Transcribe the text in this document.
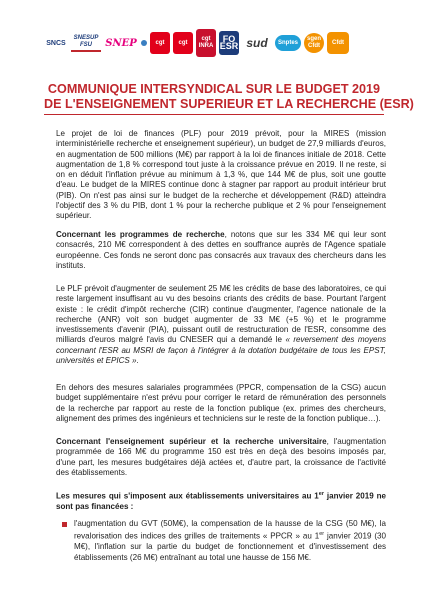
SNCS
SNESUP FSU	SNEP	cgt	cgt
cgt INRA
FO ESR sud	Snptes
sgen Cfdt
Cfdt
COMMUNIQUE INTERSYNDICAL SUR LE BUDGET 2019
DE L'ENSEIGNEMENT SUPERIEUR ET LA RECHERCHE (ESR)

Le projet de loi de finances (PLF) pour 2019 prévoit, pour la MIRES (mission interministérielle recherche et enseignement supérieur), un budget de 27,9 milliards d'euros, en augmentation de 500 millions (M€) par rapport à la loi de finances initiale de 2018. Cette augmentation de 1,8 % correspond tout juste à la croissance prévue en 2019. Il ne reste, si on en déduit l'inflation prévue au minimum à 1,3 %, que 144 M€ de plus, soit une goutte d'eau. Le budget de la MIRES continue donc à stagner par rapport au produit intérieur brut (PIB). On n'est pas ainsi sur le budget de la recherche et développement (R&D) atteindra l'objectif des 3 % du PIB, dont 1 % pour la recherche publique et 2 % pour l'enseignement supérieur.

Concernant les programmes de recherche, notons que sur les 334 M€ qui leur sont consacrés, 210 M€ correspondent à des dettes en souffrance auprès de l'Agence spatiale européenne. Ces fonds ne seront donc pas consacrés aux travaux des chercheurs dans les instituts.

Le PLF prévoit d'augmenter de seulement 25 M€ les crédits de base des laboratoires, ce qui reste largement insuffisant au vu des besoins criants des crédits de base. Pourtant l'argent existe : le crédit d'impôt recherche (CIR) continue d'augmenter, l'agence nationale de la recherche (ANR) voit son budget augmenter de 33 M€ (+5 %) et le programme investissements d'avenir (PIA), puissant outil de restructuration de l'ESR, consomme des milliards d'euros malgré l'avis du CNESER qui a demandé le « reversement des moyens concernant l'ESR au MSRI de façon à l'intégrer à la dotation budgétaire de tous les EPST, universités et EPICS ».

En dehors des mesures salariales programmées (PPCR, compensation de la CSG) aucun budget supplémentaire n'est prévu pour corriger le retard de rémunération des personnels de la recherche par rapport au reste de la fonction publique (ex. primes des chercheurs, alignement des primes des ingénieurs et techniciens sur le reste de la fonction publique…).

Concernant l'enseignement supérieur et la recherche universitaire, l'augmentation programmée de 166 M€ du programme 150 est très en deçà des besoins imposés par, d'une part, les mesures budgétaires déjà actées et, d'autre part, la croissance de l'activité des établissements.

Les mesures qui s'imposent aux établissements universitaires au 1er janvier 2019 ne sont pas financées :

l'augmentation du GVT (50M€), la compensation de la hausse de la CSG (50 M€), la revalorisation des indices des grilles de traitements « PPCR » au 1er janvier 2019 (30 M€), l'inflation sur la partie du budget de fonctionnement et d'investissement des établissements (26 M€) entraînant au total une hausse de 156 M€.
